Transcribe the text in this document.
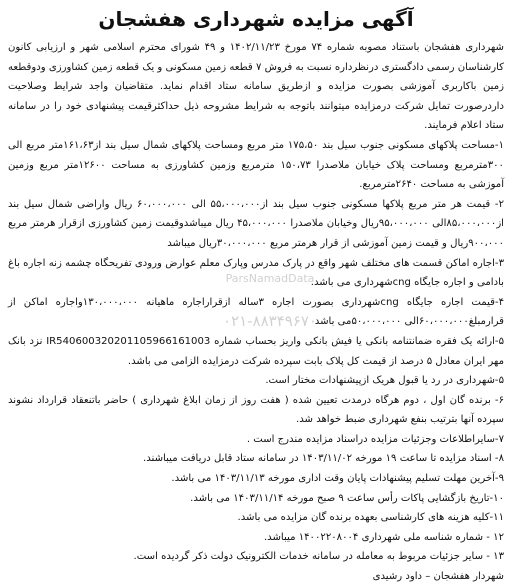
آگهی مزایده شهرداری هفشجان

شهرداری هفشجان باستناد مصوبه شماره ۷۴ مورخ ۱۴۰۲/۱۱/۲۳ و ۴۹ شورای محترم اسلامی شهر و ارزیابی کانون کارشناسان رسمی دادگستری درنظرداره نسبت به فروش ۷ قطعه زمین مسکونی و یک قطعه زمین کشاورزی ودوقطعه زمین باکاربری آموزشی بصورت مزایده و ازطریق سامانه ستاد اقدام نماید. متقاضیان واجد شرایط وصلاحیت داردرصورت تمایل شرکت درمزایده میتوانند باتوجه به شرایط مشروحه ذیل حداکثرقیمت پیشنهادی خود را در سامانه ستاد اعلام فرمایند.

۱-مساحت پلاکهای مسکونی جنوب سیل بند ۱۷۵،۵۰ متر مربع ومساحت پلاکهای شمال سیل بند از۱۶۱،۶۳متر مربع الی ۳۰۰مترمربع ومساحت پلاک خیابان ملاصدرا ۱۵۰،۷۳ مترمربع وزمین کشاورزی به مساحت ۱۲۶۰۰متر مربع وزمین آموزشی به مساحت ۲۶۴۰مترمربع.

۲- قیمت هر متر مربع پلاکها مسکونی جنوب سیل بند از۵۵،۰۰۰،۰۰۰ الی ۶۰،۰۰۰،۰۰۰ ریال واراضی شمال سیل بند از۸۵،۰۰۰،۰۰۰الی ۹۵،۰۰۰،۰۰۰ریال وخیابان ملاصدرا ۴۵،۰۰۰،۰۰۰ ریال میباشدوقیمت زمین کشاورزی ازقرار هرمتر مربع ۹۰۰،۰۰۰ریال و قیمت زمین آموزشی از قرار هرمتر مربع ۳۰،۰۰۰،۰۰۰ریال میباشد

۳-اجاره اماکن قسمت های مختلف شهر واقع در پارک مدرس وپارک معلم عوارض ورودی تفریحگاه چشمه زنه اجاره باغ بادامی و اجاره جایگاه cngشهرداری می باشد.

۴-قیمت اجاره جایگاه cngشهرداری بصورت اجاره ۳ساله ازقراراجاره ماهیانه ۱۳۰،۰۰۰،۰۰۰واجاره اماکن از قرارمبلغ۶۰،۰۰۰،۰۰۰الی ۵۰،۰۰۰،۰۰۰می باشد

۵-ارائه یک فقره ضمانتنامه بانکی یا فیش بانکی واریز بحساب شماره IR540600320201105966161003 نزد بانک مهر ایران معادل ۵ درصد از قیمت کل پلاک بابت سپرده شرکت درمزایده الزامی می باشد.

۵-شهرداری در رد یا قبول هریک ازپیشنهادات مختار است.

۶- برنده گان اول ، دوم هرگاه درمدت تعیین شده ( هفت روز از زمان ابلاغ شهرداری ) حاضر باتنعقاد قرارداد نشوند سپرده آنها بترتیب بنفع شهرداری ضبط خواهد شد.

۷-سایراطلاعات وجزئیات مزایده دراسناد مزایده مندرج است .

۸- اسناد مزایده تا ساعت ۱۹ مورخه ۱۴۰۳/۱۱/۰۲ در سامانه ستاد قابل دریافت میباشند.

۹-آخرین مهلت تسلیم پیشنهادات پایان وقت اداری مورخه ۱۴۰۳/۱۱/۱۳ می باشد.

۱۰-تاریخ بازگشایی پاکات رأس ساعت ۹ صبح مورخه ۱۴۰۳/۱۱/۱۴ می باشد.

۱۱-کلیه هزینه های کارشناسی بعهده برنده گان مزایده می باشد.

۱۲ - شماره شناسه ملی شهرداری ۱۴۰۰۲۲۰۸۰۰۴ میباشد.

۱۳ - سایر جزئیات مربوط به معامله در سامانه خدمات الکترونیک دولت ذکر گردیده است.

شهردار هفشجان – داود رشیدی

ParsNamadData
۰۲۱-۸۸۳۴۹۶۷۰
